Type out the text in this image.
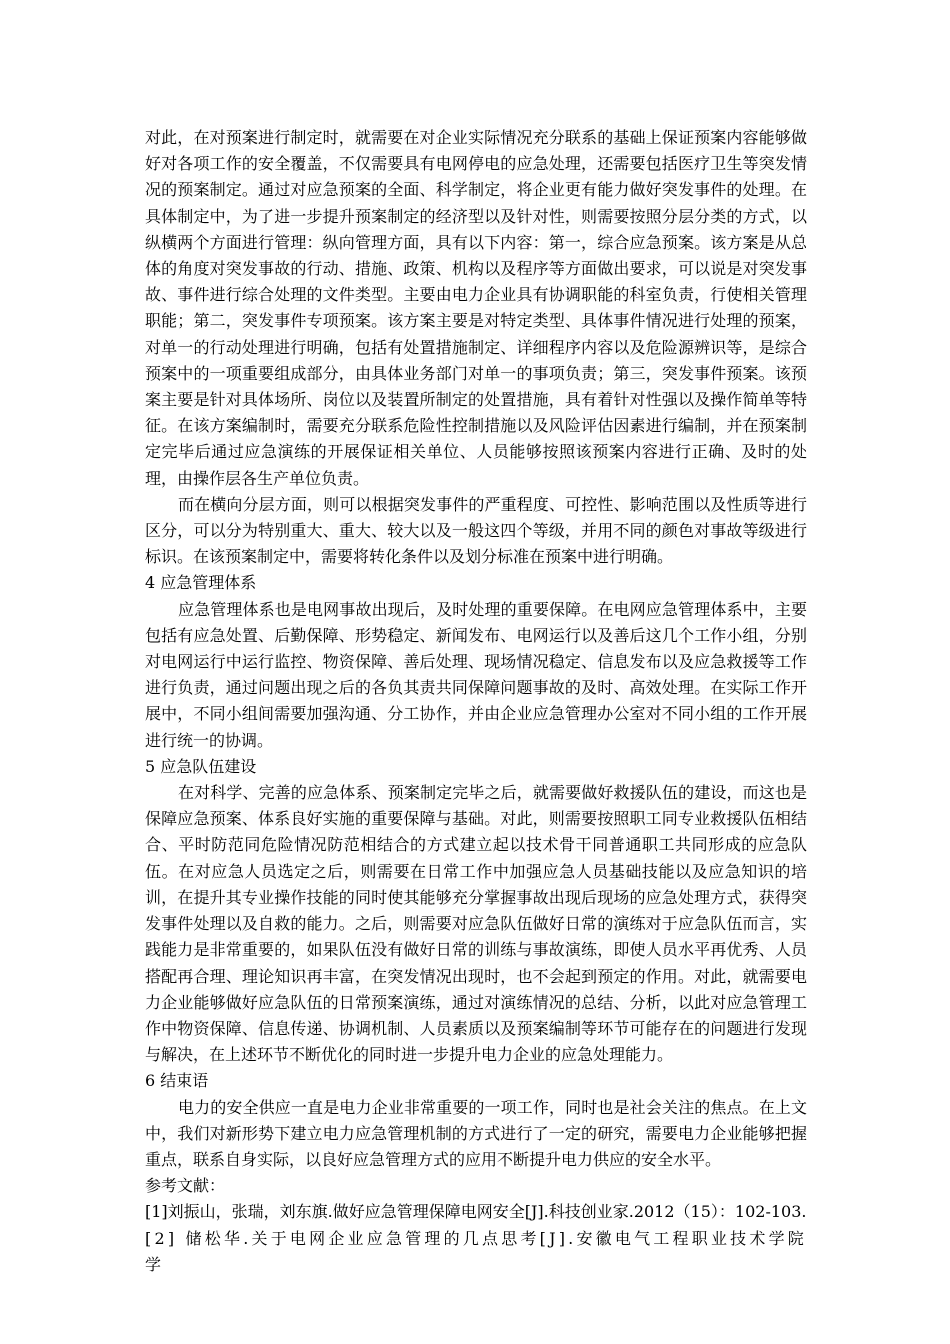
对此，在对预案进行制定时，就需要在对企业实际情况充分联系的基础上保证预案内容能够做好对各项工作的安全覆盖，不仅需要具有电网停电的应急处理，还需要包括医疗卫生等突发情况的预案制定。通过对应急预案的全面、科学制定，将企业更有能力做好突发事件的处理。在具体制定中，为了进一步提升预案制定的经济型以及针对性，则需要按照分层分类的方式，以纵横两个方面进行管理：纵向管理方面，具有以下内容：第一，综合应急预案。该方案是从总体的角度对突发事故的行动、措施、政策、机构以及程序等方面做出要求，可以说是对突发事故、事件进行综合处理的文件类型。主要由电力企业具有协调职能的科室负责，行使相关管理职能；第二，突发事件专项预案。该方案主要是对特定类型、具体事件情况进行处理的预案，对单一的行动处理进行明确，包括有处置措施制定、详细程序内容以及危险源辨识等，是综合预案中的一项重要组成部分，由具体业务部门对单一的事项负责；第三，突发事件预案。该预案主要是针对具体场所、岗位以及装置所制定的处置措施，具有着针对性强以及操作简单等特征。在该方案编制时，需要充分联系危险性控制措施以及风险评估因素进行编制，并在预案制定完毕后通过应急演练的开展保证相关单位、人员能够按照该预案内容进行正确、及时的处理，由操作层各生产单位负责。

而在横向分层方面，则可以根据突发事件的严重程度、可控性、影响范围以及性质等进行区分，可以分为特别重大、重大、较大以及一般这四个等级，并用不同的颜色对事故等级进行标识。在该预案制定中，需要将转化条件以及划分标准在预案中进行明确。

4 应急管理体系

应急管理体系也是电网事故出现后，及时处理的重要保障。在电网应急管理体系中，主要包括有应急处置、后勤保障、形势稳定、新闻发布、电网运行以及善后这几个工作小组，分别对电网运行中运行监控、物资保障、善后处理、现场情况稳定、信息发布以及应急救援等工作进行负责，通过问题出现之后的各负其责共同保障问题事故的及时、高效处理。在实际工作开展中，不同小组间需要加强沟通、分工协作，并由企业应急管理办公室对不同小组的工作开展进行统一的协调。

5 应急队伍建设

在对科学、完善的应急体系、预案制定完毕之后，就需要做好救援队伍的建设，而这也是保障应急预案、体系良好实施的重要保障与基础。对此，则需要按照职工同专业救援队伍相结合、平时防范同危险情况防范相结合的方式建立起以技术骨干同普通职工共同形成的应急队伍。在对应急人员选定之后，则需要在日常工作中加强应急人员基础技能以及应急知识的培训，在提升其专业操作技能的同时使其能够充分掌握事故出现后现场的应急处理方式，获得突发事件处理以及自救的能力。之后，则需要对应急队伍做好日常的演练对于应急队伍而言，实践能力是非常重要的，如果队伍没有做好日常的训练与事故演练，即使人员水平再优秀、人员搭配再合理、理论知识再丰富，在突发情况出现时，也不会起到预定的作用。对此，就需要电力企业能够做好应急队伍的日常预案演练，通过对演练情况的总结、分析，以此对应急管理工作中物资保障、信息传递、协调机制、人员素质以及预案编制等环节可能存在的问题进行发现与解决，在上述环节不断优化的同时进一步提升电力企业的应急处理能力。

6 结束语

电力的安全供应一直是电力企业非常重要的一项工作，同时也是社会关注的焦点。在上文中，我们对新形势下建立电力应急管理机制的方式进行了一定的研究，需要电力企业能够把握重点，联系自身实际，以良好应急管理方式的应用不断提升电力供应的安全水平。

参考文献：

[1]刘振山，张瑞，刘东旗.做好应急管理保障电网安全[J].科技创业家.2012（15）：102-103.

[2] 储松华.关于电网企业应急管理的几点思考[J].安徽电气工程职业技术学院学
